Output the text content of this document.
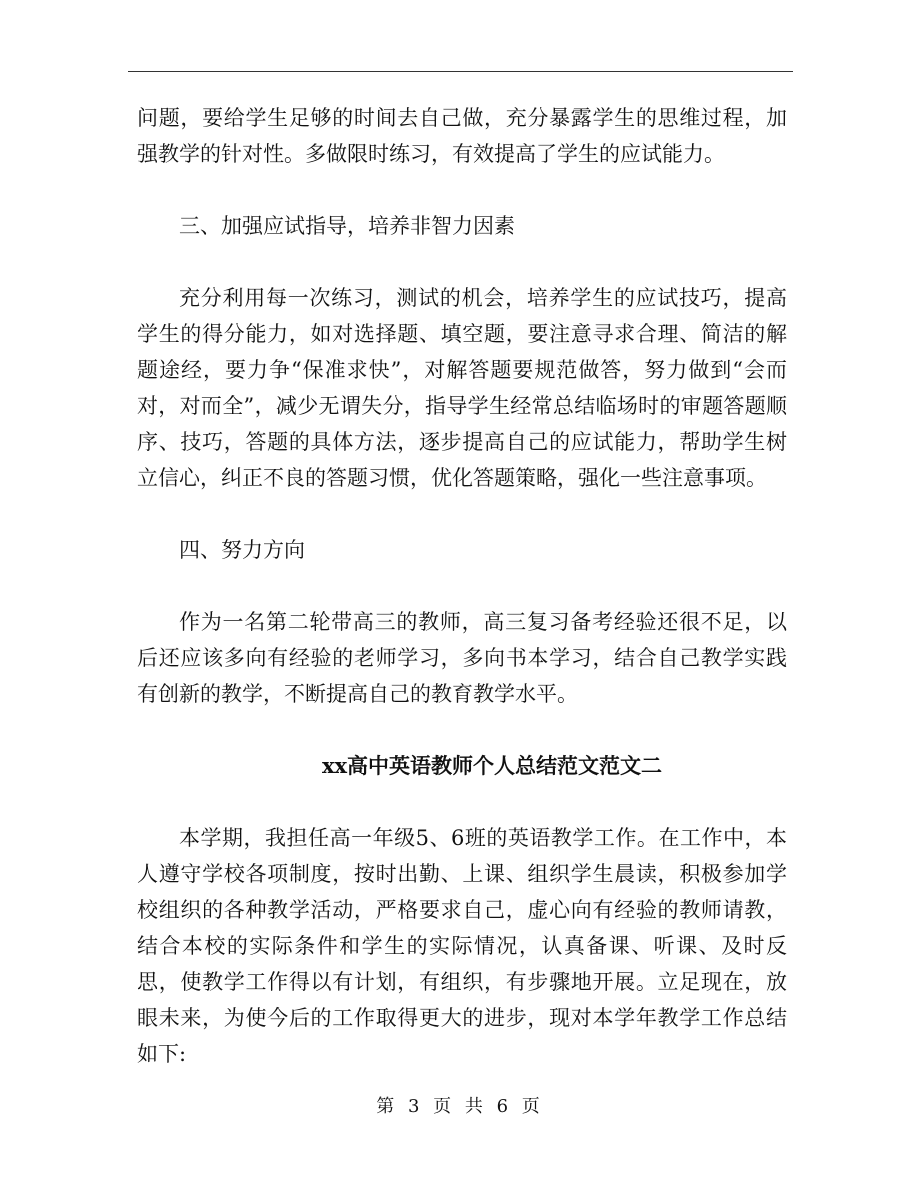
问题，要给学生足够的时间去自己做，充分暴露学生的思维过程，加强教学的针对性。多做限时练习，有效提高了学生的应试能力。

三、加强应试指导，培养非智力因素

充分利用每一次练习，测试的机会，培养学生的应试技巧，提高学生的得分能力，如对选择题、填空题，要注意寻求合理、简洁的解题途经，要力争“保准求快”，对解答题要规范做答，努力做到“会而对，对而全”，减少无谓失分，指导学生经常总结临场时的审题答题顺序、技巧，答题的具体方法，逐步提高自己的应试能力，帮助学生树立信心，纠正不良的答题习惯，优化答题策略，强化一些注意事项。

四、努力方向

作为一名第二轮带高三的教师，高三复习备考经验还很不足，以后还应该多向有经验的老师学习，多向书本学习，结合自己教学实践有创新的教学，不断提高自己的教育教学水平。

xx高中英语教师个人总结范文范文二

本学期，我担任高一年级5、6班的英语教学工作。在工作中，本人遵守学校各项制度，按时出勤、上课、组织学生晨读，积极参加学校组织的各种教学活动，严格要求自己，虚心向有经验的教师请教，结合本校的实际条件和学生的实际情况，认真备课、听课、及时反思，使教学工作得以有计划，有组织，有步骤地开展。立足现在，放眼未来，为使今后的工作取得更大的进步，现对本学年教学工作总结如下:

第 3 页 共 6 页
